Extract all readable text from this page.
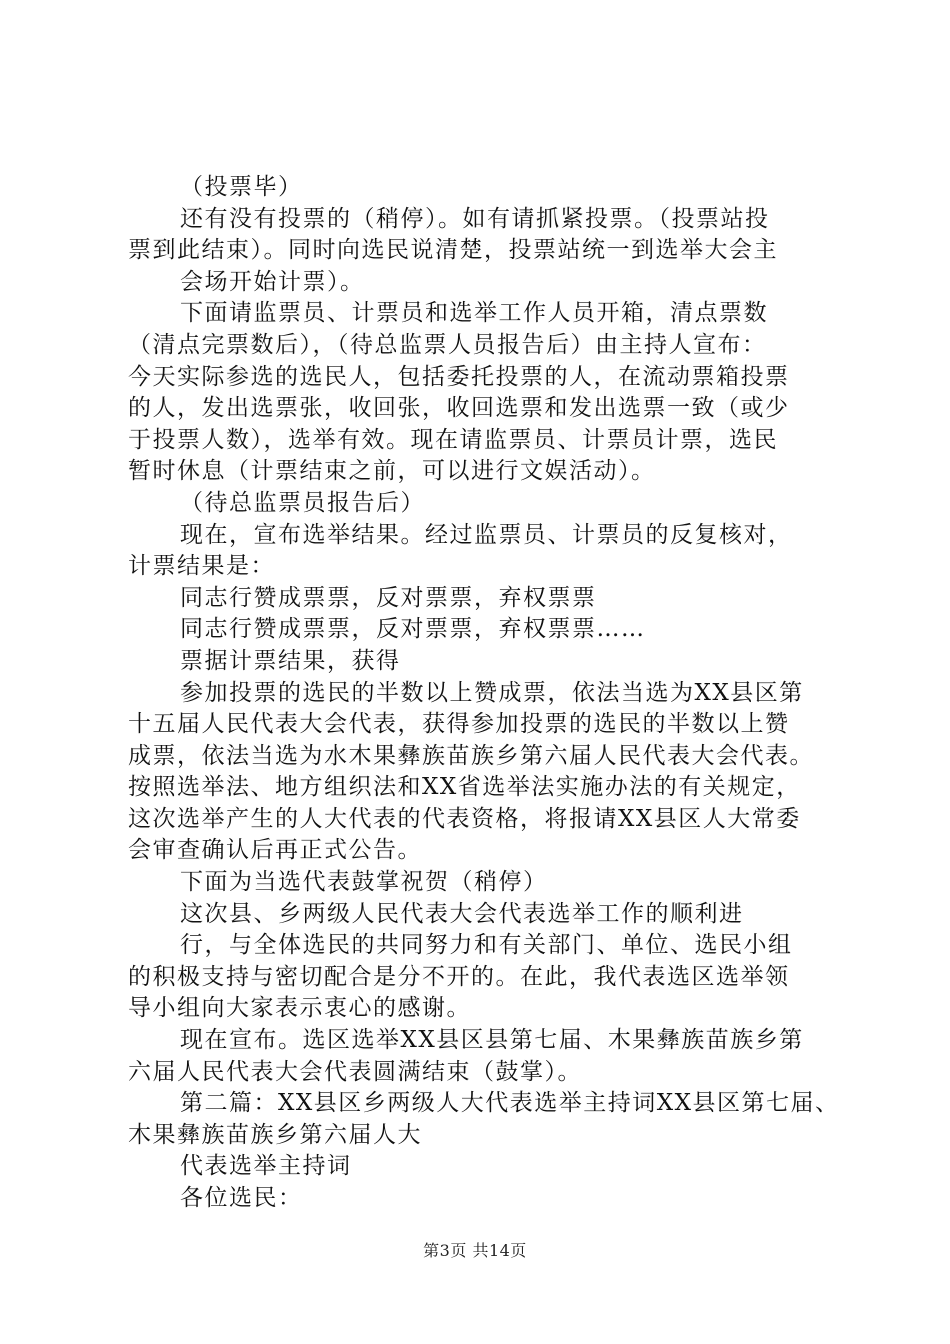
（投票毕）
还有没有投票的（稍停）。如有请抓紧投票。（投票站投
票到此结束）。同时向选民说清楚，投票站统一到选举大会主
会场开始计票）。
下面请监票员、计票员和选举工作人员开箱，清点票数
（清点完票数后），（待总监票人员报告后）由主持人宣布：
今天实际参选的选民人，包括委托投票的人，在流动票箱投票
的人，发出选票张，收回张，收回选票和发出选票一致（或少
于投票人数），选举有效。现在请监票员、计票员计票，选民
暂时休息（计票结束之前，可以进行文娱活动）。
（待总监票员报告后）
现在，宣布选举结果。经过监票员、计票员的反复核对，
计票结果是：
同志行赞成票票，反对票票，弃权票票
同志行赞成票票，反对票票，弃权票票……
票据计票结果，获得
参加投票的选民的半数以上赞成票，依法当选为XX县区第
十五届人民代表大会代表，获得参加投票的选民的半数以上赞
成票，依法当选为水木果彝族苗族乡第六届人民代表大会代表。
按照选举法、地方组织法和XX省选举法实施办法的有关规定，
这次选举产生的人大代表的代表资格，将报请XX县区人大常委
会审查确认后再正式公告。
下面为当选代表鼓掌祝贺（稍停）
这次县、乡两级人民代表大会代表选举工作的顺利进
行，与全体选民的共同努力和有关部门、单位、选民小组
的积极支持与密切配合是分不开的。在此，我代表选区选举领
导小组向大家表示衷心的感谢。
现在宣布。选区选举XX县区县第七届、木果彝族苗族乡第
六届人民代表大会代表圆满结束（鼓掌）。
第二篇：XX县区乡两级人大代表选举主持词XX县区第七届、
木果彝族苗族乡第六届人大
代表选举主持词
各位选民：
第3页 共14页
